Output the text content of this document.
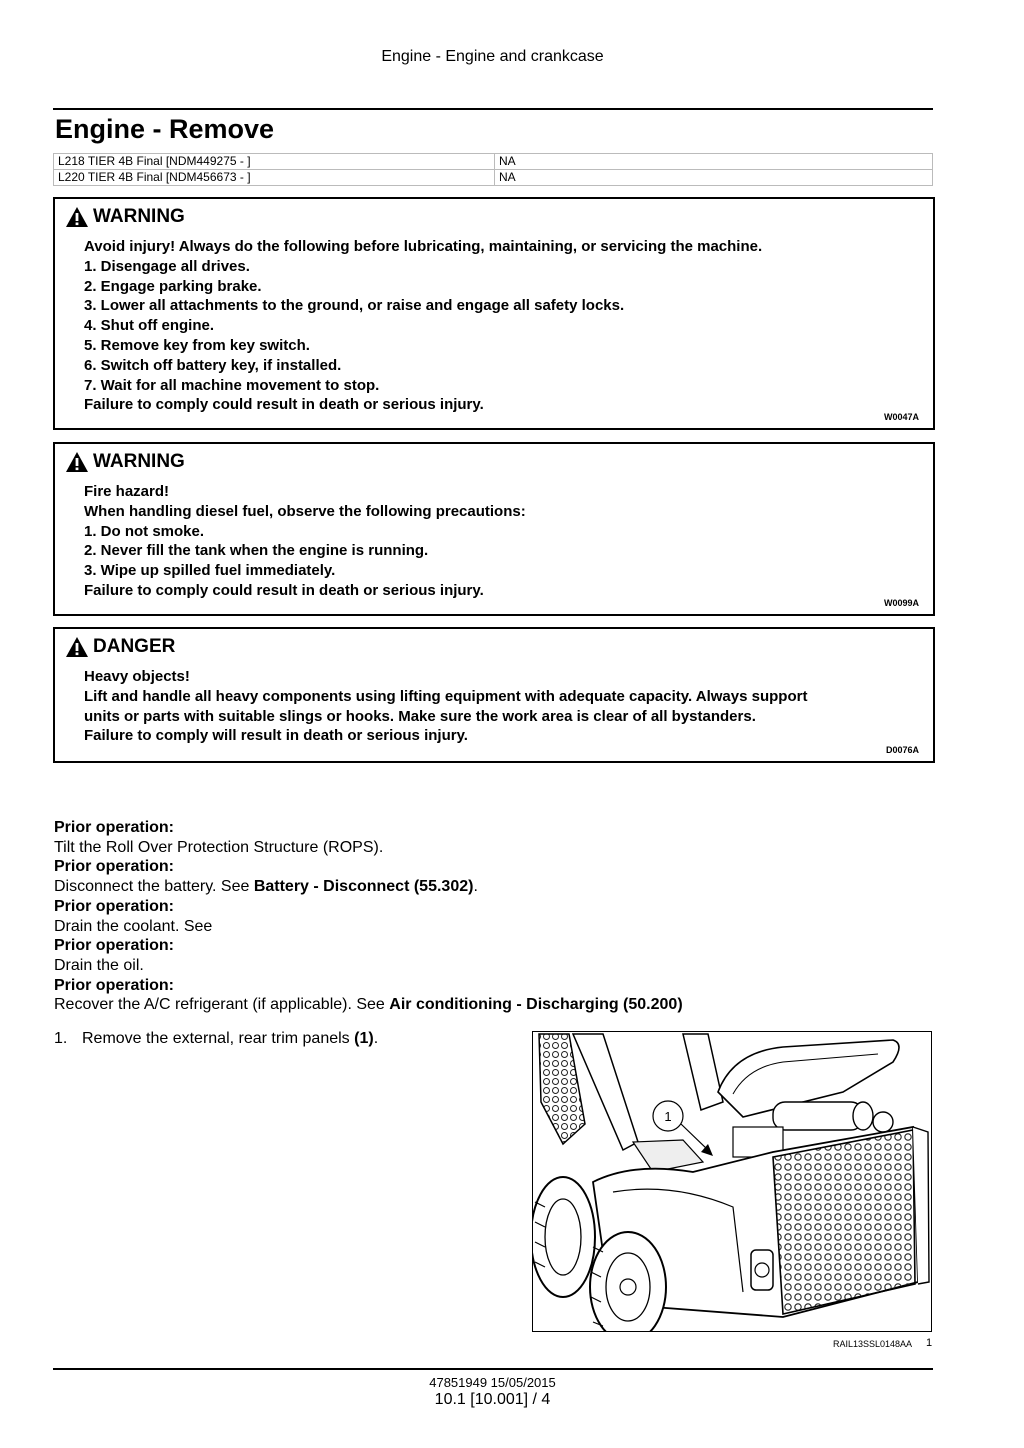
Engine - Engine and crankcase
Engine - Remove
L218 TIER 4B Final [NDM449275 - ]	NA
L220 TIER 4B Final [NDM456673 - ]	NA
WARNING
Avoid injury! Always do the following before lubricating, maintaining, or servicing the machine.
1. Disengage all drives.
2. Engage parking brake.
3. Lower all attachments to the ground, or raise and engage all safety locks.
4. Shut off engine.
5. Remove key from key switch.
6. Switch off battery key, if installed.
7. Wait for all machine movement to stop.
Failure to comply could result in death or serious injury.
W0047A
WARNING
Fire hazard!
When handling diesel fuel, observe the following precautions:
1. Do not smoke.
2. Never fill the tank when the engine is running.
3. Wipe up spilled fuel immediately.
Failure to comply could result in death or serious injury.
W0099A
DANGER
Heavy objects!
Lift and handle all heavy components using lifting equipment with adequate capacity. Always support
units or parts with suitable slings or hooks. Make sure the work area is clear of all bystanders.
Failure to comply will result in death or serious injury.
D0076A
Prior operation:
Tilt the Roll Over Protection Structure (ROPS).
Prior operation:
Disconnect the battery. See Battery - Disconnect (55.302).
Prior operation:
Drain the coolant. See
Prior operation:
Drain the oil.
Prior operation:
Recover the A/C refrigerant (if applicable). See Air conditioning - Discharging (50.200)
1. Remove the external, rear trim panels (1).
1
RAIL13SSL0148AA 1
47851949 15/05/2015
10.1 [10.001] / 4
